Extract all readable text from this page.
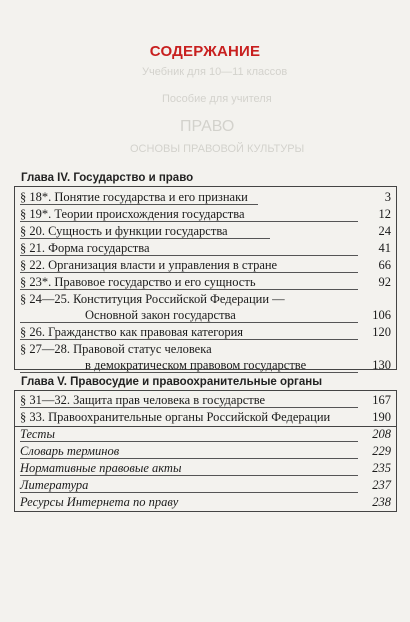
Учебник для 10—11 классов
Пособие для учителя
ПРАВО
ОСНОВЫ ПРАВОВОЙ КУЛЬТУРЫ
СОДЕРЖАНИЕ
Глава IV. Государство и право
§ 18*. Понятие государства и его признаки	3
§ 19*. Теории происхождения государства	12
§ 20. Сущность и функции государства	24
§ 21. Форма государства	41
§ 22. Организация власти и управления в стране	66
§ 23*. Правовое государство и его сущность	92
§ 24—25. Конституция Российской Федерации —
Основной закон государства	106
§ 26. Гражданство как правовая категория	120
§ 27—28. Правовой статус человека
в демократическом правовом государстве	130
Глава V. Правосудие и правоохранительные органы
§ 31—32. Защита прав человека в государстве	167
§ 33. Правоохранительные органы Российской Федерации	190
Тесты	208
Словарь терминов	229
Нормативные правовые акты	235
Литература	237
Ресурсы Интернета по праву	238
